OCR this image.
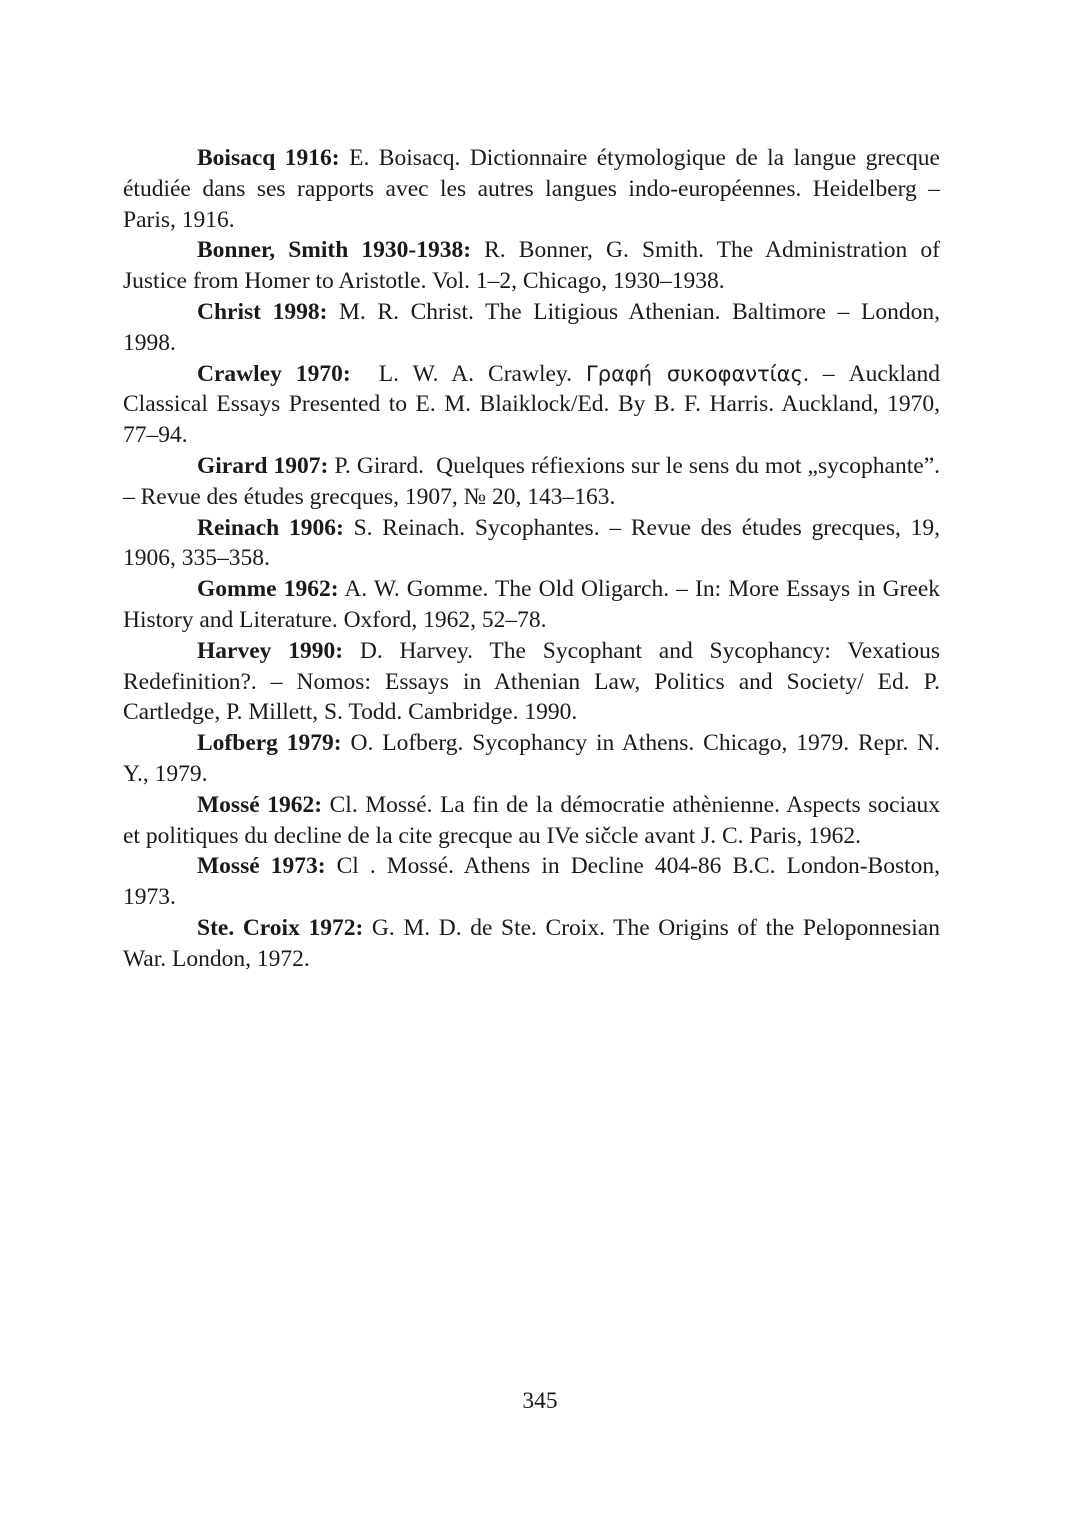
Boisacq 1916: E. Boisacq. Dictionnaire étymologique de la langue grecque étudiée dans ses rapports avec les autres langues indo-européennes. Heidelberg – Paris, 1916.

Bonner, Smith 1930-1938: R. Bonner, G. Smith. The Administration of Justice from Homer to Aristotle. Vol. 1–2, Chicago, 1930–1938.

Christ 1998: M. R. Christ. The Litigious Athenian. Baltimore – London, 1998.

Crawley 1970:  L. W. A. Crawley. Γραφή συκοφαντίας. – Auckland Classical Essays Presented to E. M. Blaiklock/Ed. By B. F. Harris. Auckland, 1970, 77–94.

Girard 1907: P. Girard.  Quelques réfiexions sur le sens du mot „sycophante”. – Revue des études grecques, 1907, № 20, 143–163.

Reinach 1906: S. Reinach. Sycophantes. – Revue des études grecques, 19, 1906, 335–358.

Gomme 1962: A. W. Gomme. The Old Oligarch. – In: More Essays in Greek History and Literature. Oxford, 1962, 52–78.

Harvey 1990: D. Harvey. The Sycophant and Sycophancy: Vexatious Redefinition?. – Nomos: Essays in Athenian Law, Politics and Society/ Ed. P. Cartledge, P. Millett, S. Todd. Cambridge. 1990.

Lofberg 1979: O. Lofberg. Sycophancy in Athens. Chicago, 1979. Repr. N. Y., 1979.

Mossé 1962: Cl. Mossé. La fin de la démocratie athènienne. Aspects sociaux et politiques du decline de la cite grecque au IVe sičcle avant J. C. Paris, 1962.

Mossé 1973: Cl . Mossé. Athens in Decline 404-86 B.C. London-Boston, 1973.

Ste. Croix 1972: G. M. D. de Ste. Croix. The Origins of the Peloponnesian War. London, 1972.

345
